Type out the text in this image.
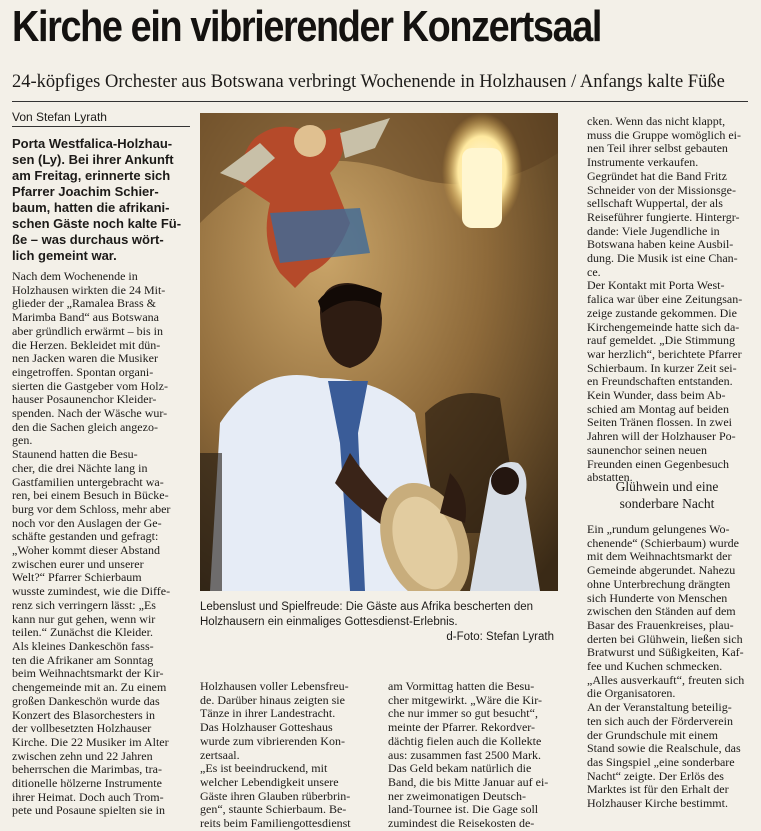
Kirche ein vibrierender Konzertsaal
24-köpfiges Orchester aus Botswana verbringt Wochenende in Holzhausen / Anfangs kalte Füße
Von Stefan Lyrath
Porta Westfalica-Holzhau-
sen (Ly). Bei ihrer Ankunft
am Freitag, erinnerte sich
Pfarrer Joachim Schier-
baum, hatten die afrikani-
schen Gäste noch kalte Fü-
ße – was durchaus wört-
lich gemeint war.
Nach dem Wochenende in
Holzhausen wirkten die 24 Mit-
glieder der „Ramalea Brass &
Marimba Band“ aus Botswana
aber gründlich erwärmt – bis in
die Herzen. Bekleidet mit dün-
nen Jacken waren die Musiker
eingetroffen. Spontan organi-
sierten die Gastgeber vom Holz-
hauser Posaunenchor Kleider-
spenden. Nach der Wäsche wur-
den die Sachen gleich angezo-
gen.
Staunend hatten die Besu-
cher, die drei Nächte lang in
Gastfamilien untergebracht wa-
ren, bei einem Besuch in Bücke-
burg vor dem Schloss, mehr aber
noch vor den Auslagen der Ge-
schäfte gestanden und gefragt:
„Woher kommt dieser Abstand
zwischen eurer und unserer
Welt?“ Pfarrer Schierbaum
wusste zumindest, wie die Diffe-
renz sich verringern lässt: „Es
kann nur gut gehen, wenn wir
teilen.“ Zunächst die Kleider.
Als kleines Dankeschön fass-
ten die Afrikaner am Sonntag
beim Weihnachtsmarkt der Kir-
chengemeinde mit an. Zu einem
großen Dankeschön wurde das
Konzert des Blasorchesters in
der vollbesetzten Holzhauser
Kirche. Die 22 Musiker im Alter
zwischen zehn und 22 Jahren
beherrschen die Marimbas, tra-
ditionelle hölzerne Instrumente
ihrer Heimat. Doch auch Trom-
pete und Posaune spielten sie in
Lebenslust und Spielfreude: Die Gäste aus Afrika bescherten den
Holzhausern ein einmaliges Gottesdienst-Erlebnis.
d-Foto: Stefan Lyrath
Holzhausen voller Lebensfreu-
de. Darüber hinaus zeigten sie
Tänze in ihrer Landestracht.
Das Holzhauser Gotteshaus
wurde zum vibrierenden Kon-
zertsaal.
„Es ist beeindruckend, mit
welcher Lebendigkeit unsere
Gäste ihren Glauben rüberbrin-
gen“, staunte Schierbaum. Be-
reits beim Familiengottesdienst
am Vormittag hatten die Besu-
cher mitgewirkt. „Wäre die Kir-
che nur immer so gut besucht“,
meinte der Pfarrer. Rekordver-
dächtig fielen auch die Kollekte
aus: zusammen fast 2500 Mark.
Das Geld bekam natürlich die
Band, die bis Mitte Januar auf ei-
ner zweimonatigen Deutsch-
land-Tournee ist. Die Gage soll
zumindest die Reisekosten de-
cken. Wenn das nicht klappt,
muss die Gruppe womöglich ei-
nen Teil ihrer selbst gebauten
Instrumente verkaufen.
Gegründet hat die Band Fritz
Schneider von der Missionsge-
sellschaft Wuppertal, der als
Reiseführer fungierte. Hintergr-
dande: Viele Jugendliche in
Botswana haben keine Ausbil-
dung. Die Musik ist eine Chan-
ce.
Der Kontakt mit Porta West-
falica war über eine Zeitungsan-
zeige zustande gekommen. Die
Kirchengemeinde hatte sich da-
rauf gemeldet. „Die Stimmung
war herzlich“, berichtete Pfarrer
Schierbaum. In kurzer Zeit sei-
en Freundschaften entstanden.
Kein Wunder, dass beim Ab-
schied am Montag auf beiden
Seiten Tränen flossen. In zwei
Jahren will der Holzhauser Po-
saunenchor seinen neuen
Freunden einen Gegenbesuch
abstatten.
Glühwein und eine
sonderbare Nacht
Ein „rundum gelungenes Wo-
chenende“ (Schierbaum) wurde
mit dem Weihnachtsmarkt der
Gemeinde abgerundet. Nahezu
ohne Unterbrechung drängten
sich Hunderte von Menschen
zwischen den Ständen auf dem
Basar des Frauenkreises, plau-
derten bei Glühwein, ließen sich
Bratwurst und Süßigkeiten, Kaf-
fee und Kuchen schmecken.
„Alles ausverkauft“, freuten sich
die Organisatoren.
An der Veranstaltung beteilig-
ten sich auch der Förderverein
der Grundschule mit einem
Stand sowie die Realschule, das
das Singspiel „eine sonderbare
Nacht“ zeigte. Der Erlös des
Marktes ist für den Erhalt der
Holzhauser Kirche bestimmt.
